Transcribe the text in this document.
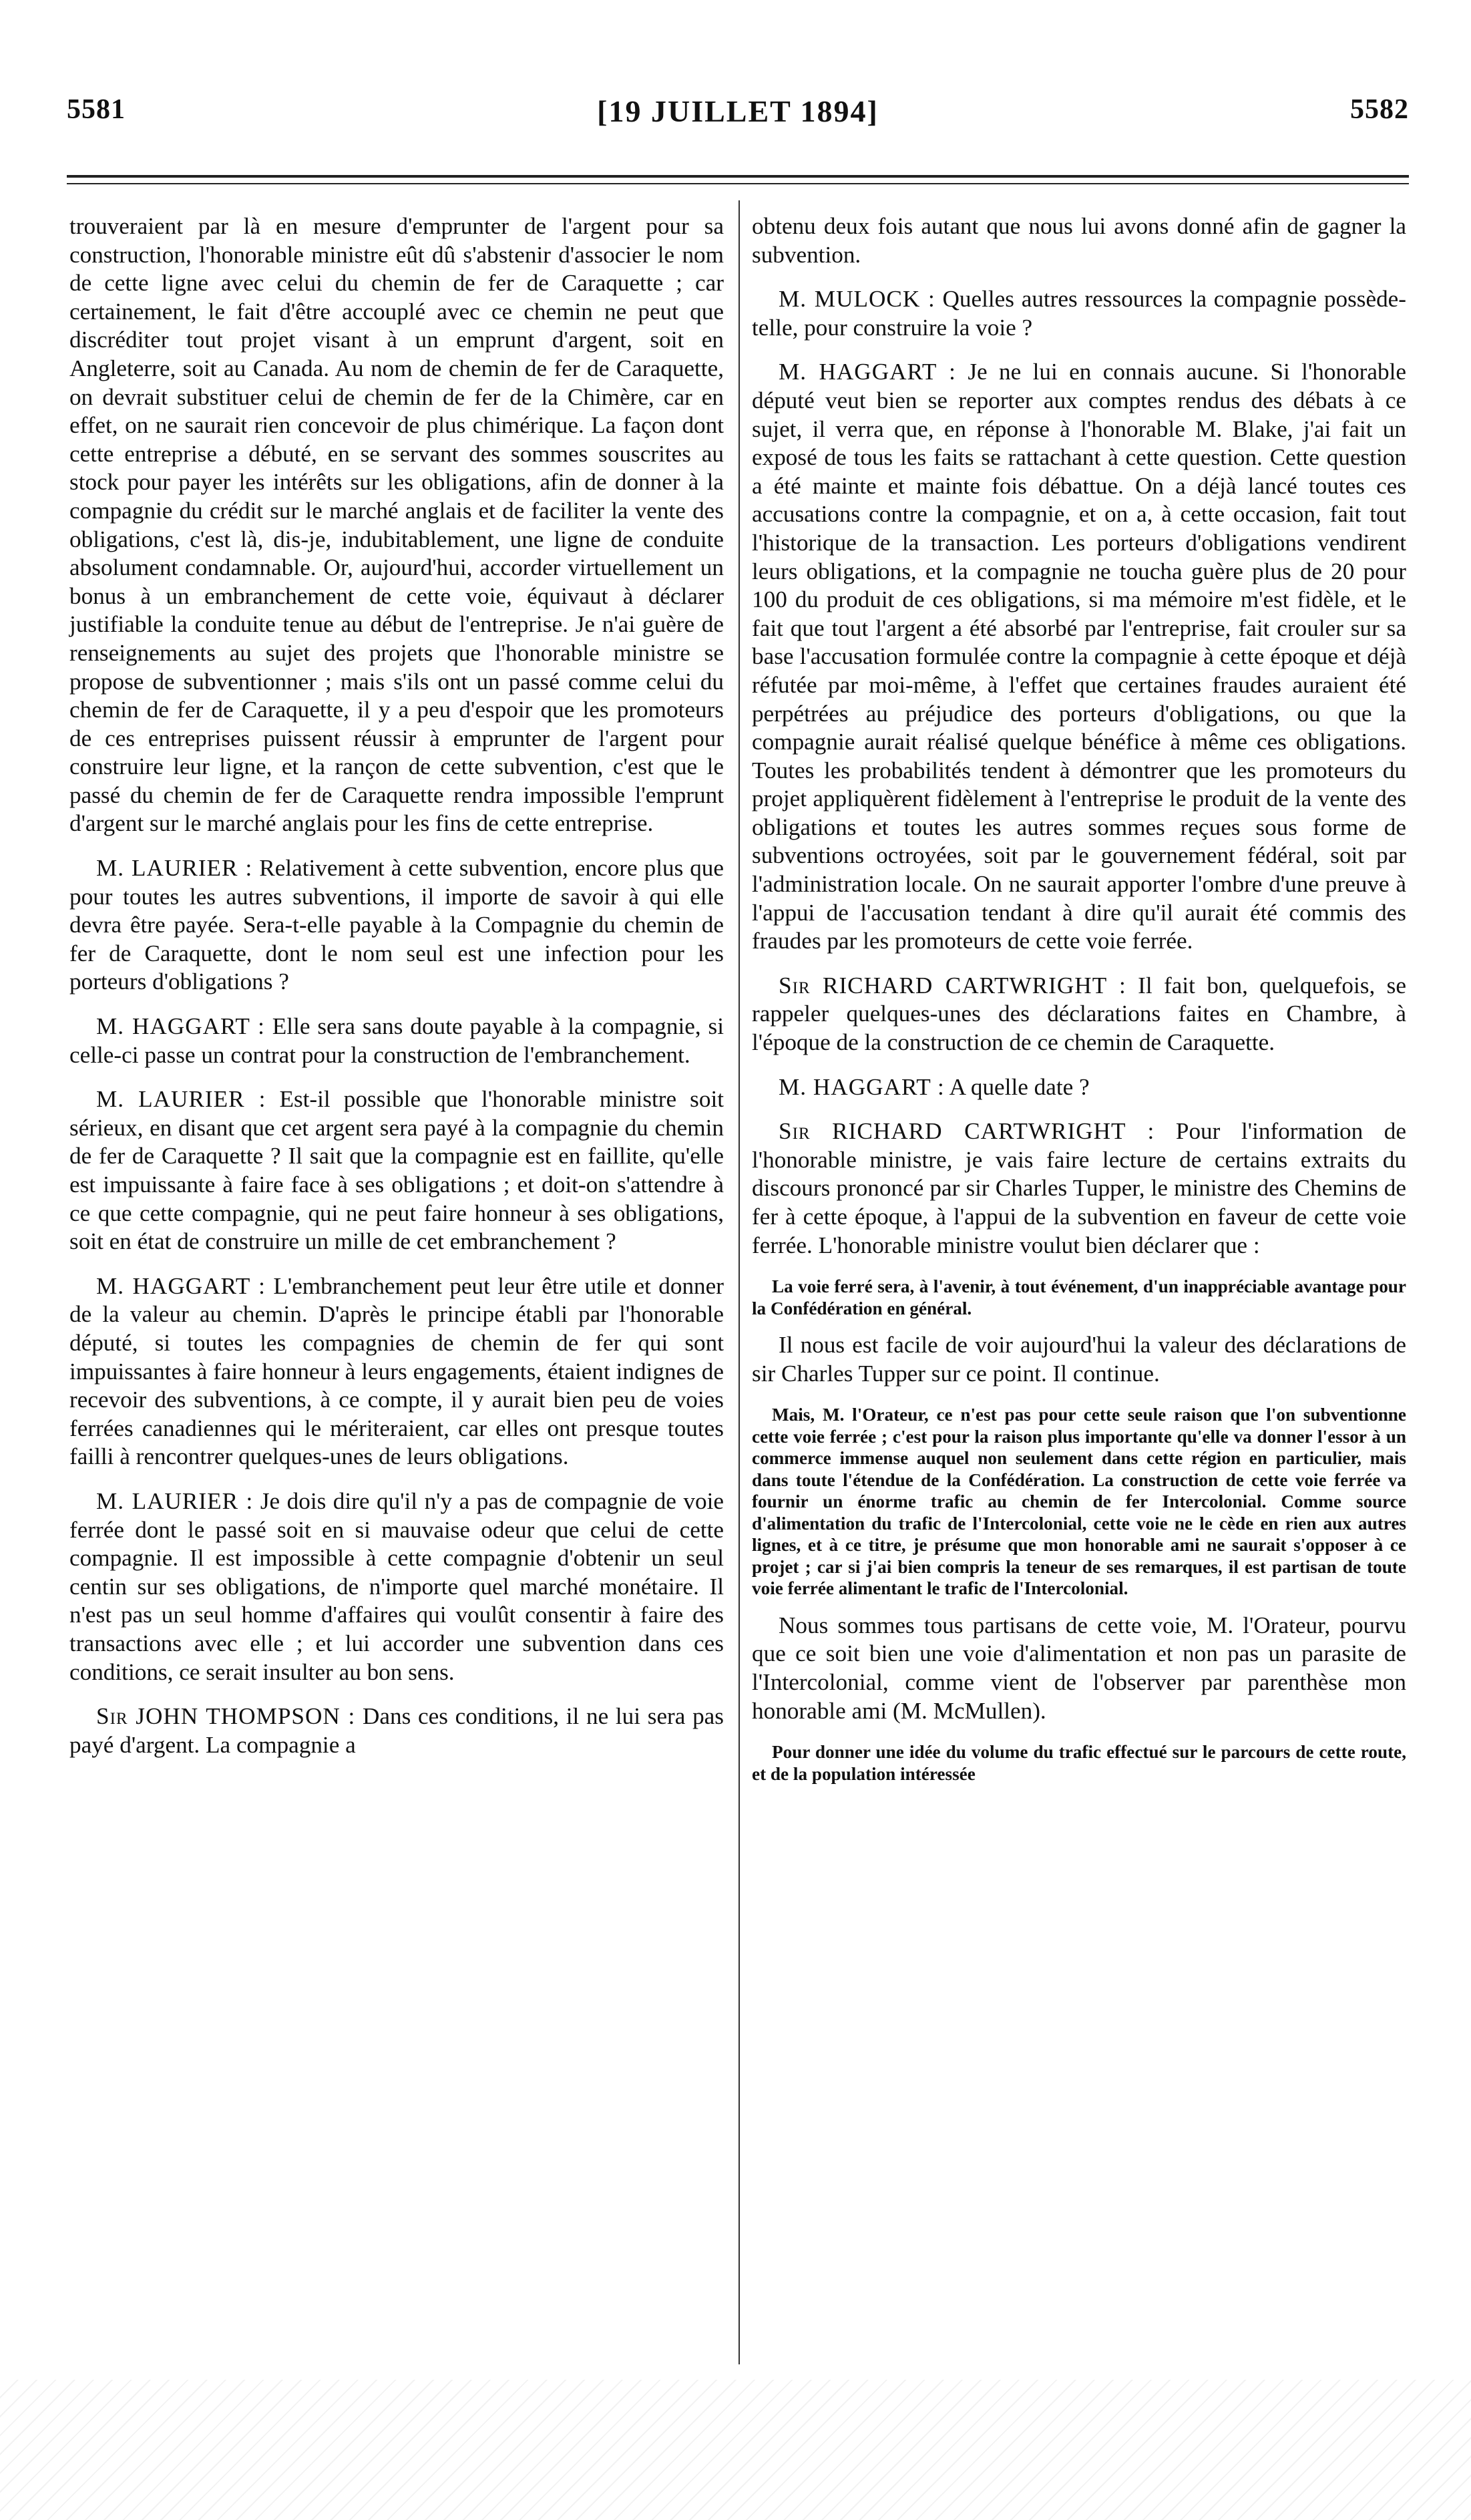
[19 JUILLET 1894]
5581	5582

trouveraient par là en mesure d'emprunter de l'argent pour sa construction, l'honorable ministre eût dû s'abstenir d'associer le nom de cette ligne avec celui du chemin de fer de Caraquette ; car certainement, le fait d'être accouplé avec ce chemin ne peut que discréditer tout projet visant à un emprunt d'argent, soit en Angleterre, soit au Canada. Au nom de chemin de fer de Caraquette, on devrait substituer celui de chemin de fer de la Chimère, car en effet, on ne saurait rien concevoir de plus chimérique. La façon dont cette entreprise a débuté, en se servant des sommes souscrites au stock pour payer les intérêts sur les obligations, afin de donner à la compagnie du crédit sur le marché anglais et de faciliter la vente des obligations, c'est là, dis-je, indubitablement, une ligne de conduite absolument condamnable. Or, aujourd'hui, accorder virtuellement un bonus à un embranchement de cette voie, équivaut à déclarer justifiable la conduite tenue au début de l'entreprise. Je n'ai guère de renseignements au sujet des projets que l'honorable ministre se propose de subventionner ; mais s'ils ont un passé comme celui du chemin de fer de Caraquette, il y a peu d'espoir que les promoteurs de ces entreprises puissent réussir à emprunter de l'argent pour construire leur ligne, et la rançon de cette subvention, c'est que le passé du chemin de fer de Caraquette rendra impossible l'emprunt d'argent sur le marché anglais pour les fins de cette entreprise.

M. LAURIER : Relativement à cette subvention, encore plus que pour toutes les autres subventions, il importe de savoir à qui elle devra être payée. Sera-t-elle payable à la Compagnie du chemin de fer de Caraquette, dont le nom seul est une infection pour les porteurs d'obligations ?

M. HAGGART : Elle sera sans doute payable à la compagnie, si celle-ci passe un contrat pour la construction de l'embranchement.

M. LAURIER : Est-il possible que l'honorable ministre soit sérieux, en disant que cet argent sera payé à la compagnie du chemin de fer de Caraquette ? Il sait que la compagnie est en faillite, qu'elle est impuissante à faire face à ses obligations ; et doit-on s'attendre à ce que cette compagnie, qui ne peut faire honneur à ses obligations, soit en état de construire un mille de cet embranchement ?

M. HAGGART : L'embranchement peut leur être utile et donner de la valeur au chemin. D'après le principe établi par l'honorable député, si toutes les compagnies de chemin de fer qui sont impuissantes à faire honneur à leurs engagements, étaient indignes de recevoir des subventions, à ce compte, il y aurait bien peu de voies ferrées canadiennes qui le mériteraient, car elles ont presque toutes failli à rencontrer quelques-unes de leurs obligations.

M. LAURIER : Je dois dire qu'il n'y a pas de compagnie de voie ferrée dont le passé soit en si mauvaise odeur que celui de cette compagnie. Il est impossible à cette compagnie d'obtenir un seul centin sur ses obligations, de n'importe quel marché monétaire. Il n'est pas un seul homme d'affaires qui voulût consentir à faire des transactions avec elle ; et lui accorder une subvention dans ces conditions, ce serait insulter au bon sens.

Sir JOHN THOMPSON : Dans ces conditions, il ne lui sera pas payé d'argent. La compagnie a

obtenu deux fois autant que nous lui avons donné afin de gagner la subvention.

M. MULOCK : Quelles autres ressources la compagnie possède-telle, pour construire la voie ?

M. HAGGART : Je ne lui en connais aucune. Si l'honorable député veut bien se reporter aux comptes rendus des débats à ce sujet, il verra que, en réponse à l'honorable M. Blake, j'ai fait un exposé de tous les faits se rattachant à cette question. Cette question a été mainte et mainte fois débattue. On a déjà lancé toutes ces accusations contre la compagnie, et on a, à cette occasion, fait tout l'historique de la transaction. Les porteurs d'obligations vendirent leurs obligations, et la compagnie ne toucha guère plus de 20 pour 100 du produit de ces obligations, si ma mémoire m'est fidèle, et le fait que tout l'argent a été absorbé par l'entreprise, fait crouler sur sa base l'accusation formulée contre la compagnie à cette époque et déjà réfutée par moi-même, à l'effet que certaines fraudes auraient été perpétrées au préjudice des porteurs d'obligations, ou que la compagnie aurait réalisé quelque bénéfice à même ces obligations. Toutes les probabilités tendent à démontrer que les promoteurs du projet appliquèrent fidèlement à l'entreprise le produit de la vente des obligations et toutes les autres sommes reçues sous forme de subventions octroyées, soit par le gouvernement fédéral, soit par l'administration locale. On ne saurait apporter l'ombre d'une preuve à l'appui de l'accusation tendant à dire qu'il aurait été commis des fraudes par les promoteurs de cette voie ferrée.

Sir RICHARD CARTWRIGHT : Il fait bon, quelquefois, se rappeler quelques-unes des déclarations faites en Chambre, à l'époque de la construction de ce chemin de Caraquette.

M. HAGGART : A quelle date ?

Sir RICHARD CARTWRIGHT : Pour l'information de l'honorable ministre, je vais faire lecture de certains extraits du discours prononcé par sir Charles Tupper, le ministre des Chemins de fer à cette époque, à l'appui de la subvention en faveur de cette voie ferrée. L'honorable ministre voulut bien déclarer que :

La voie ferré sera, à l'avenir, à tout événement, d'un inappréciable avantage pour la Confédération en général.

Il nous est facile de voir aujourd'hui la valeur des déclarations de sir Charles Tupper sur ce point. Il continue.

Mais, M. l'Orateur, ce n'est pas pour cette seule raison que l'on subventionne cette voie ferrée ; c'est pour la raison plus importante qu'elle va donner l'essor à un commerce immense auquel non seulement dans cette région en particulier, mais dans toute l'étendue de la Confédération. La construction de cette voie ferrée va fournir un énorme trafic au chemin de fer Intercolonial. Comme source d'alimentation du trafic de l'Intercolonial, cette voie ne le cède en rien aux autres lignes, et à ce titre, je présume que mon honorable ami ne saurait s'opposer à ce projet ; car si j'ai bien compris la teneur de ses remarques, il est partisan de toute voie ferrée alimentant le trafic de l'Intercolonial.

Nous sommes tous partisans de cette voie, M. l'Orateur, pourvu que ce soit bien une voie d'alimentation et non pas un parasite de l'Intercolonial, comme vient de l'observer par parenthèse mon honorable ami (M. McMullen).

Pour donner une idée du volume du trafic effectué sur le parcours de cette route, et de la population intéressée
